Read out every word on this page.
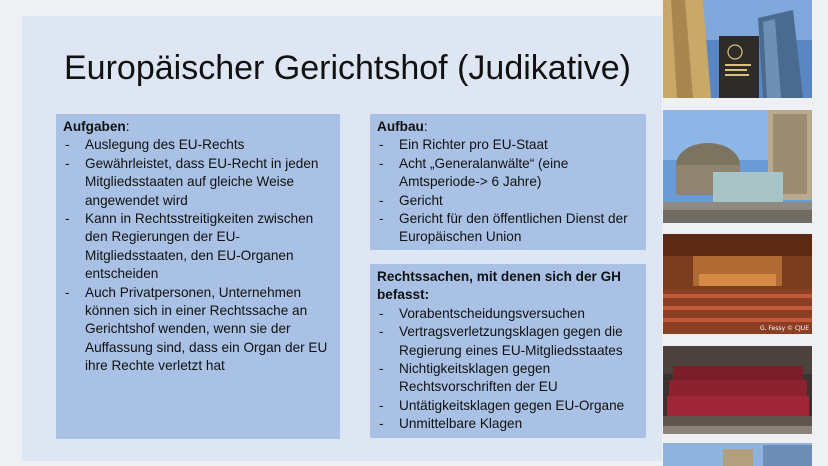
Europäischer Gerichtshof (Judikative)

Aufgaben:

- Auslegung des EU-Rechts
- Gewährleistet, dass EU-Recht in jeden Mitgliedsstaaten auf gleiche Weise angewendet wird
- Kann in Rechtsstreitigkeiten zwischen den Regierungen der EU-Mitgliedsstaaten, den EU-Organen entscheiden
- Auch Privatpersonen, Unternehmen können sich in einer Rechtssache an Gerichtshof wenden, wenn sie der Auffassung sind, dass ein Organ der EU ihre Rechte verletzt hat

Aufbau:

- Ein Richter pro EU-Staat
- Acht „Generalanwälte“ (eine Amtsperiode-> 6 Jahre)
- Gericht
- Gericht für den öffentlichen Dienst der Europäischen Union

Rechtssachen, mit denen sich der GH befasst:

- Vorabentscheidungsversuchen
- Vertragsverletzungsklagen gegen die Regierung eines EU-Mitgliedsstaates
- Nichtigkeitsklagen gegen Rechtsvorschriften der EU
- Untätigkeitsklagen gegen EU-Organe
- Unmittelbare Klagen
G. Fessy © CJUE
